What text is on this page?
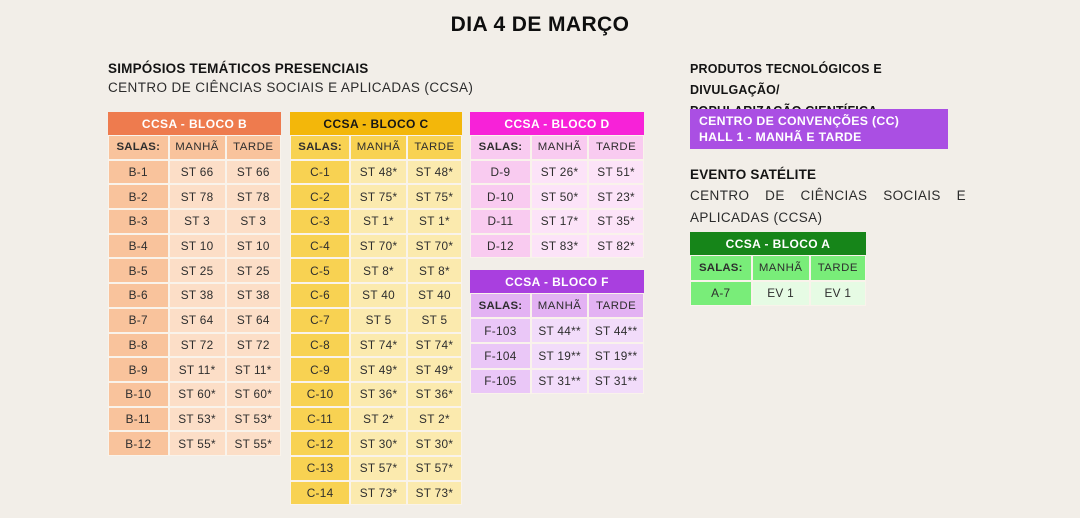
DIA 4 DE MARÇO
SIMPÓSIOS TEMÁTICOS PRESENCIAIS
CENTRO DE CIÊNCIAS SOCIAIS E APLICADAS (CCSA)
CCSA - BLOCO B
SALAS:	MANHÃ	TARDE
B-1	ST 66	ST 66
B-2	ST 78	ST 78
B-3	ST 3	ST 3
B-4	ST 10	ST 10
B-5	ST 25	ST 25
B-6	ST 38	ST 38
B-7	ST 64	ST 64
B-8	ST 72	ST 72
B-9	ST 11*	ST 11*
B-10	ST 60*	ST 60*
B-11	ST 53*	ST 53*
B-12	ST 55*	ST 55*
CCSA - BLOCO C
SALAS:	MANHÃ	TARDE
C-1	ST 48*	ST 48*
C-2	ST 75*	ST 75*
C-3	ST 1*	ST 1*
C-4	ST 70*	ST 70*
C-5	ST 8*	ST 8*
C-6	ST 40	ST 40
C-7	ST 5	ST 5
C-8	ST 74*	ST 74*
C-9	ST 49*	ST 49*
C-10	ST 36*	ST 36*
C-11	ST 2*	ST 2*
C-12	ST 30*	ST 30*
C-13	ST 57*	ST 57*
C-14	ST 73*	ST 73*
CCSA - BLOCO D
SALAS:	MANHÃ	TARDE
D-9	ST 26*	ST 51*
D-10	ST 50*	ST 23*
D-11	ST 17*	ST 35*
D-12	ST 83*	ST 82*
CCSA - BLOCO F
SALAS:	MANHÃ	TARDE
F-103	ST 44**	ST 44**
F-104	ST 19**	ST 19**
F-105	ST 31**	ST 31**
PRODUTOS TECNOLÓGICOS E DIVULGAÇÃO/

CENTRO DE CONVENÇÕES (CC)
HALL 1 - MANHÃ E TARDE
EVENTO SATÉLITE
CENTRO DE CIÊNCIAS SOCIAIS E APLICADAS (CCSA)
CCSA - BLOCO A
SALAS:	MANHÃ	TARDE
A-7	EV 1	EV 1
